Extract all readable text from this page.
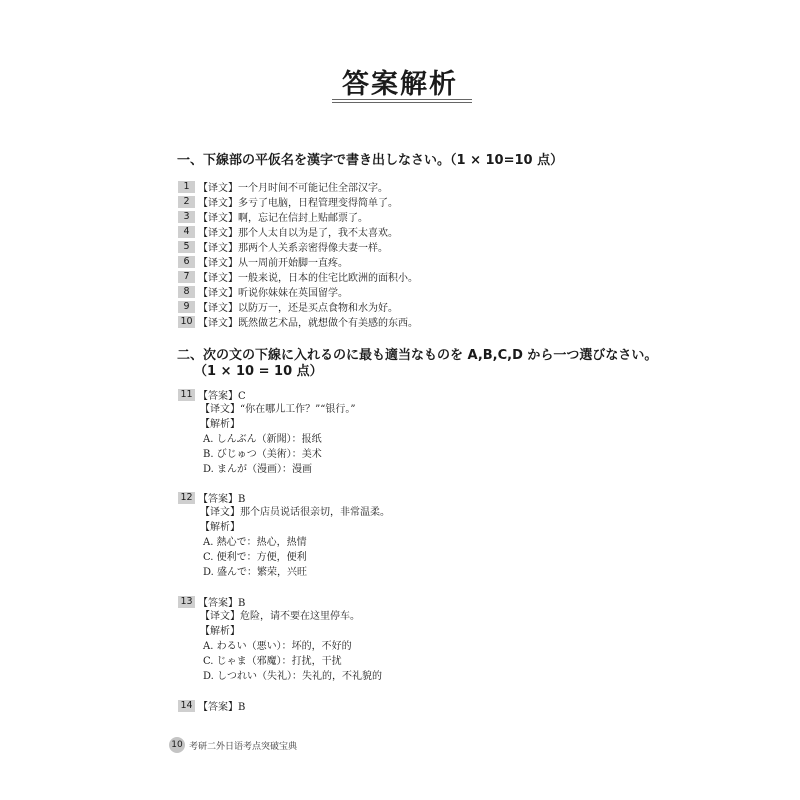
答案解析
一、下線部の平仮名を漢字で書き出しなさい。（1 × 10=10 点）
1 【译文】 一个月时间不可能记住全部汉字。
2 【译文】 多亏了电脑，日程管理变得简单了。
3 【译文】 啊，忘记在信封上贴邮票了。
4 【译文】 那个人太自以为是了，我不太喜欢。
5 【译文】 那两个人关系亲密得像夫妻一样。
6 【译文】 从一周前开始脚一直疼。
7 【译文】 一般来说，日本的住宅比欧洲的面积小。
8 【译文】 听说你妹妹在英国留学。
9 【译文】 以防万一，还是买点食物和水为好。
10 【译文】 既然做艺术品，就想做个有美感的东西。
二、次の文の下線に入れるのに最も適当なものを A,B,C,D から一つ選びなさい。
（1 × 10 = 10 点）
11 【答案】C
【译文】“你在哪儿工作？”“银行。”
【解析】
A. しんぶん（新聞）：报纸
B. びじゅつ（美術）：美术
D. まんが（漫画）：漫画
12 【答案】B
【译文】那个店员说话很亲切，非常温柔。
【解析】
A. 熱心で：热心，热情
C. 便利で：方便，便利
D. 盛んで：繁荣，兴旺
13 【答案】B
【译文】危险，请不要在这里停车。
【解析】
A. わるい（悪い）：坏的，不好的
C. じゃま（邪魔）：打扰，干扰
D. しつれい（失礼）：失礼的，不礼貌的
14 【答案】B
10 考研二外日语考点突破宝典
